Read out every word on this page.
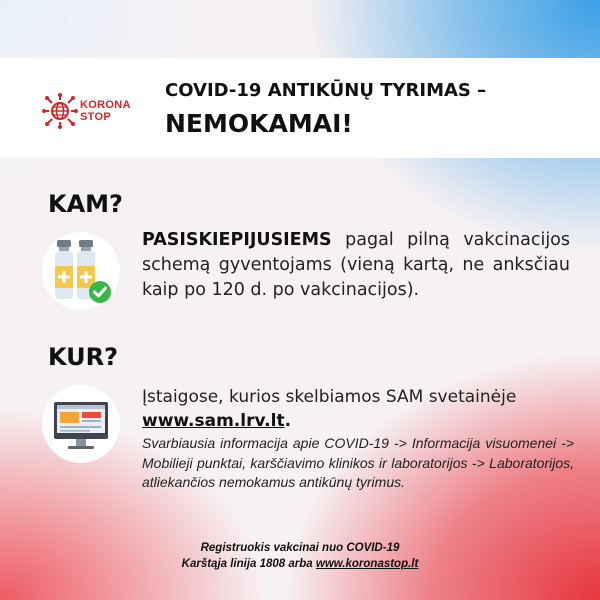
KORONA
STOP
COVID-19 ANTIKŪNŲ TYRIMAS –
NEMOKAMAI!
KAM?
PASISKIEPIJUSIEMS pagal pilną vakcinacijos schemą gyventojams (vieną kartą, ne anksčiau kaip po 120 d. po vakcinacijos).
KUR?
Įstaigose, kurios skelbiamos SAM svetainėje
www.sam.lrv.lt.
Svarbiausia informacija apie COVID-19 -> Informacija visuomenei -> Mobilieji punktai, karščiavimo klinikos ir laboratorijos -> Laboratorijos, atliekančios nemokamus antikūnų tyrimus.
Registruokis vakcinai nuo COVID-19
Karštąja linija 1808 arba www.koronastop.lt
